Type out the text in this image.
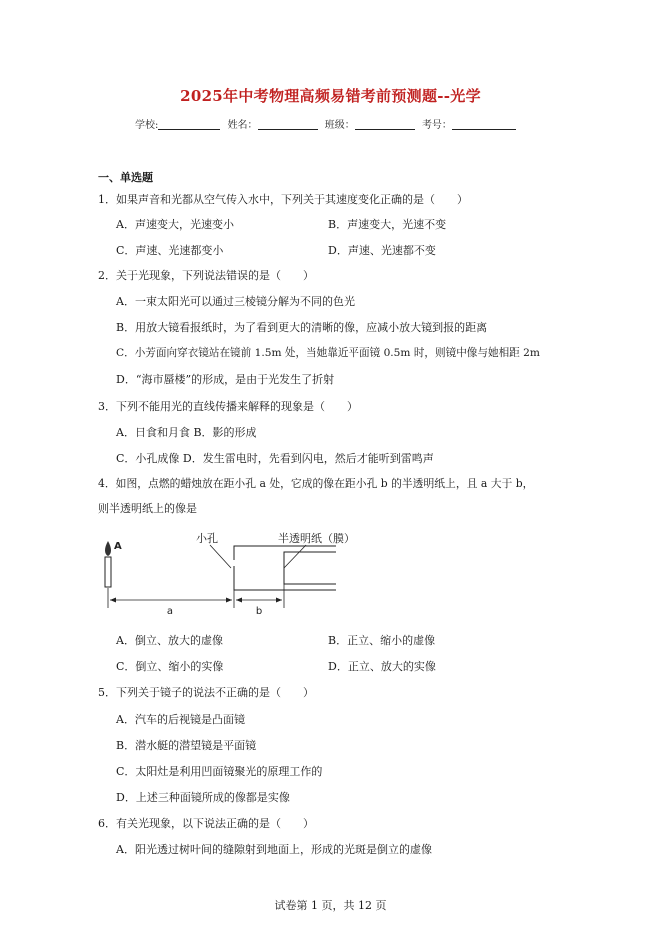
2025年中考物理高频易错考前预测题--光学
学校:	姓名：	班级：	考号：
一、单选题
1．如果声音和光都从空气传入水中，下列关于其速度变化正确的是（　　）
A．声速变大，光速变小	B．声速变大，光速不变
C．声速、光速都变小	D．声速、光速都不变
2．关于光现象，下列说法错误的是（　　）
A．一束太阳光可以通过三棱镜分解为不同的色光
B．用放大镜看报纸时，为了看到更大的清晰的像，应减小放大镜到报的距离
C．小芳面向穿衣镜站在镜前 1.5m 处，当她靠近平面镜 0.5m 时，则镜中像与她相距 2m
D．“海市蜃楼”的形成，是由于光发生了折射
3．下列不能用光的直线传播来解释的现象是（　　）
A．日食和月食 B．影的形成
C．小孔成像 D．发生雷电时，先看到闪电，然后才能听到雷鸣声
4．如图，点燃的蜡烛放在距小孔 a 处，它成的像在距小孔 b 的半透明纸上，且 a 大于 b，
则半透明纸上的像是
A
小孔	半透明纸（膜）
a	b
A．倒立、放大的虚像	B．正立、缩小的虚像
C．倒立、缩小的实像	D．正立、放大的实像
5．下列关于镜子的说法不正确的是（　　）
A．汽车的后视镜是凸面镜
B．潜水艇的潜望镜是平面镜
C．太阳灶是利用凹面镜聚光的原理工作的
D．上述三种面镜所成的像都是实像
6．有关光现象，以下说法正确的是（　　）
A．阳光透过树叶间的缝隙射到地面上，形成的光斑是倒立的虚像
试卷第 1 页，共 12 页
